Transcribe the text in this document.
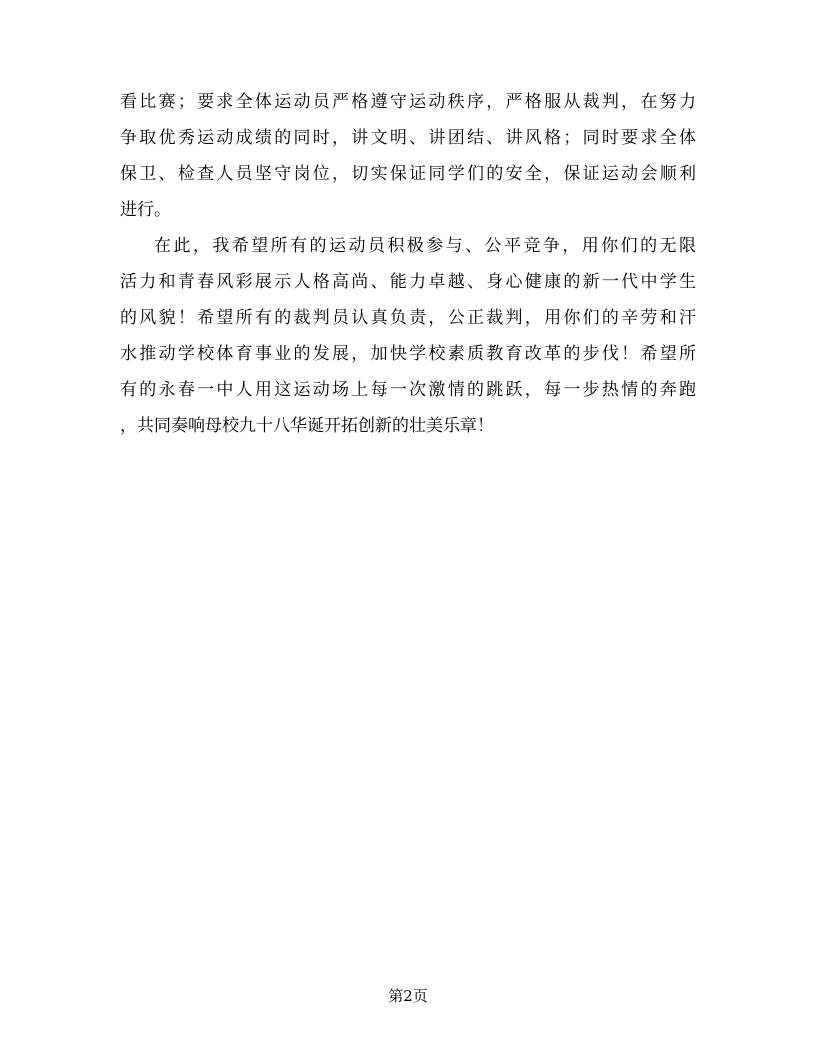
看比赛；要求全体运动员严格遵守运动秩序，严格服从裁判，在努力
争取优秀运动成绩的同时，讲文明、讲团结、讲风格；同时要求全体
保卫、检查人员坚守岗位，切实保证同学们的安全，保证运动会顺利
进行。
在此，我希望所有的运动员积极参与、公平竞争，用你们的无限
活力和青春风彩展示人格高尚、能力卓越、身心健康的新一代中学生
的风貌！希望所有的裁判员认真负责，公正裁判，用你们的辛劳和汗
水推动学校体育事业的发展，加快学校素质教育改革的步伐！希望所
有的永春一中人用这运动场上每一次激情的跳跃，每一步热情的奔跑
，共同奏响母校九十八华诞开拓创新的壮美乐章！
第2页
